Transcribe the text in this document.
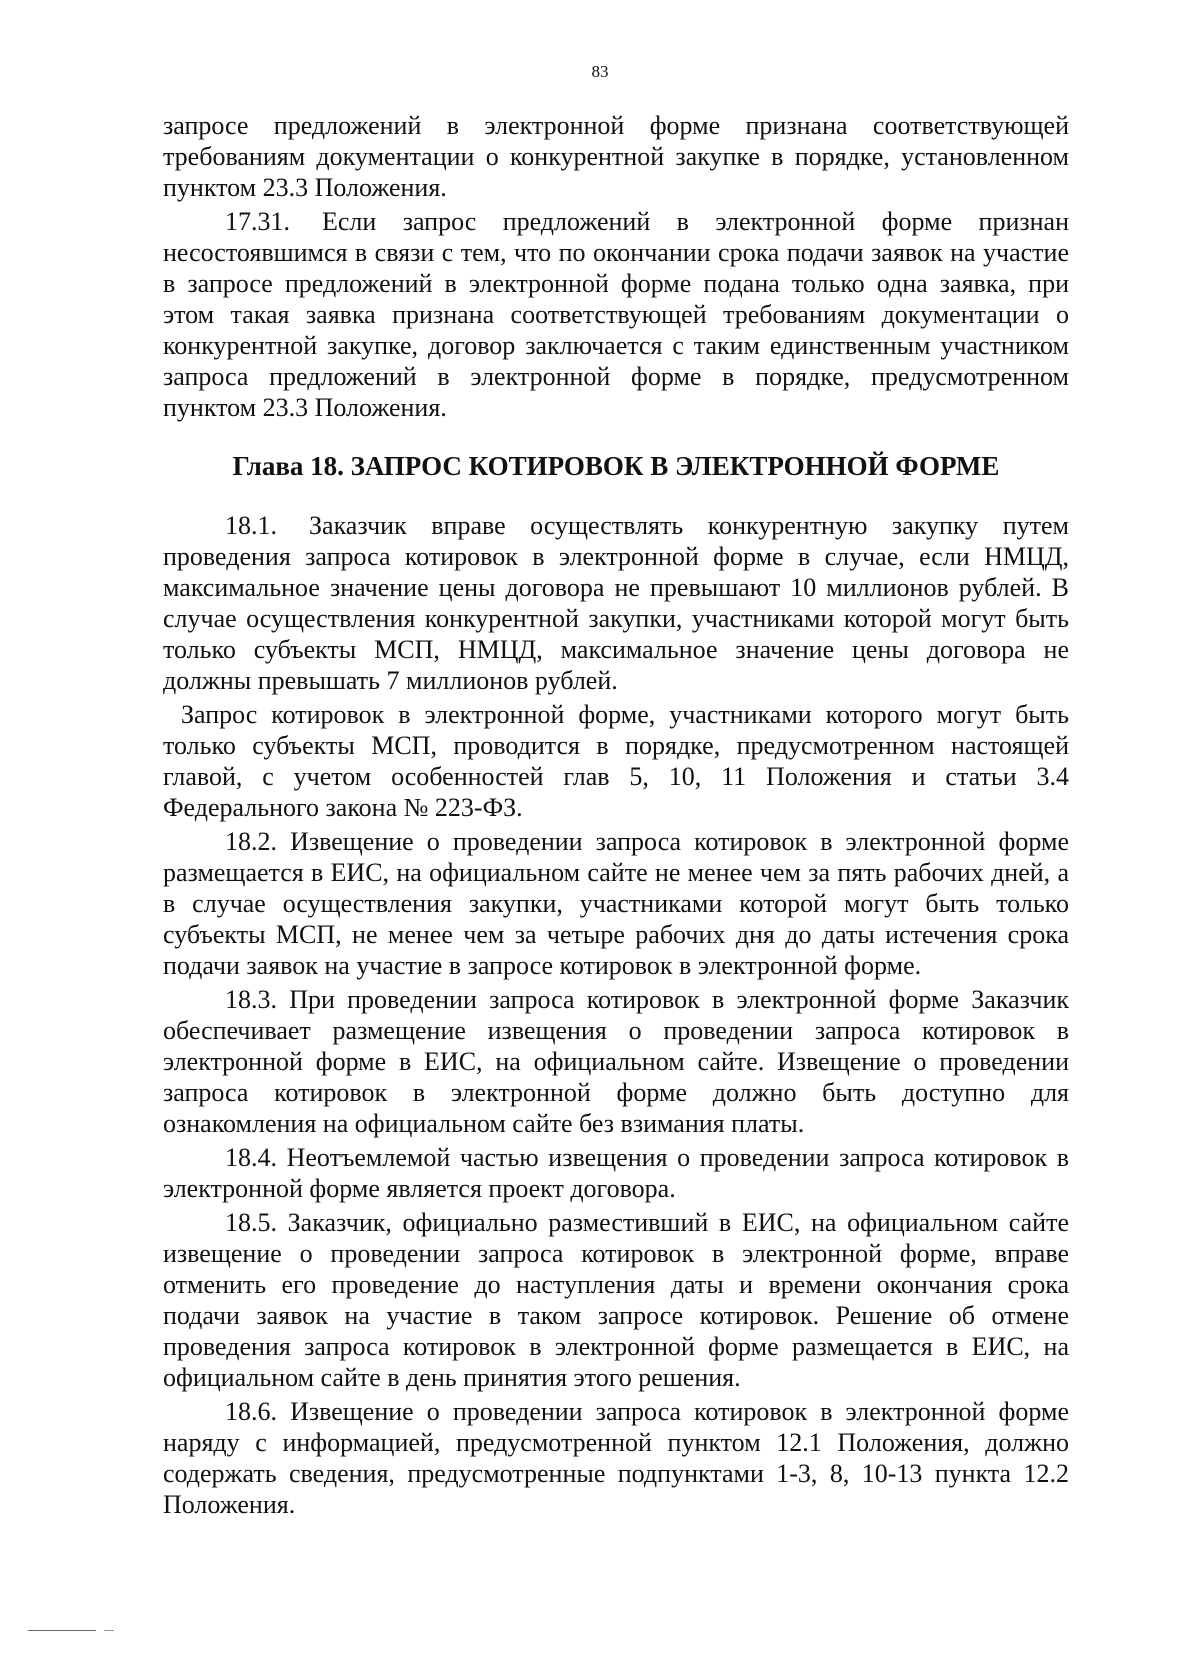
83

запросе предложений в электронной форме признана соответствующей требованиям документации о конкурентной закупке в порядке, установленном пунктом 23.3 Положения.

17.31. Если запрос предложений в электронной форме признан несостоявшимся в связи с тем, что по окончании срока подачи заявок на участие в запросе предложений в электронной форме подана только одна заявка, при этом такая заявка признана соответствующей требованиям документации о конкурентной закупке, договор заключается с таким единственным участником запроса предложений в электронной форме в порядке, предусмотренном пунктом 23.3 Положения.

Глава 18. ЗАПРОС КОТИРОВОК В ЭЛЕКТРОННОЙ ФОРМЕ

18.1. Заказчик вправе осуществлять конкурентную закупку путем проведения запроса котировок в электронной форме в случае, если НМЦД, максимальное значение цены договора не превышают 10 миллионов рублей. В случае осуществления конкурентной закупки, участниками которой могут быть только субъекты МСП, НМЦД, максимальное значение цены договора не должны превышать 7 миллионов рублей.

Запрос котировок в электронной форме, участниками которого могут быть только субъекты МСП, проводится в порядке, предусмотренном настоящей главой, с учетом особенностей глав 5, 10, 11 Положения и статьи 3.4 Федерального закона № 223-ФЗ.

18.2. Извещение о проведении запроса котировок в электронной форме размещается в ЕИС, на официальном сайте не менее чем за пять рабочих дней, а в случае осуществления закупки, участниками которой могут быть только субъекты МСП, не менее чем за четыре рабочих дня до даты истечения срока подачи заявок на участие в запросе котировок в электронной форме.

18.3. При проведении запроса котировок в электронной форме Заказчик обеспечивает размещение извещения о проведении запроса котировок в электронной форме в ЕИС, на официальном сайте. Извещение о проведении запроса котировок в электронной форме должно быть доступно для ознакомления на официальном сайте без взимания платы.

18.4. Неотъемлемой частью извещения о проведении запроса котировок в электронной форме является проект договора.

18.5. Заказчик, официально разместивший в ЕИС, на официальном сайте извещение о проведении запроса котировок в электронной форме, вправе отменить его проведение до наступления даты и времени окончания срока подачи заявок на участие в таком запросе котировок. Решение об отмене проведения запроса котировок в электронной форме размещается в ЕИС, на официальном сайте в день принятия этого решения.

18.6. Извещение о проведении запроса котировок в электронной форме наряду с информацией, предусмотренной пунктом 12.1 Положения, должно содержать сведения, предусмотренные подпунктами 1-3, 8, 10-13 пункта 12.2 Положения.
